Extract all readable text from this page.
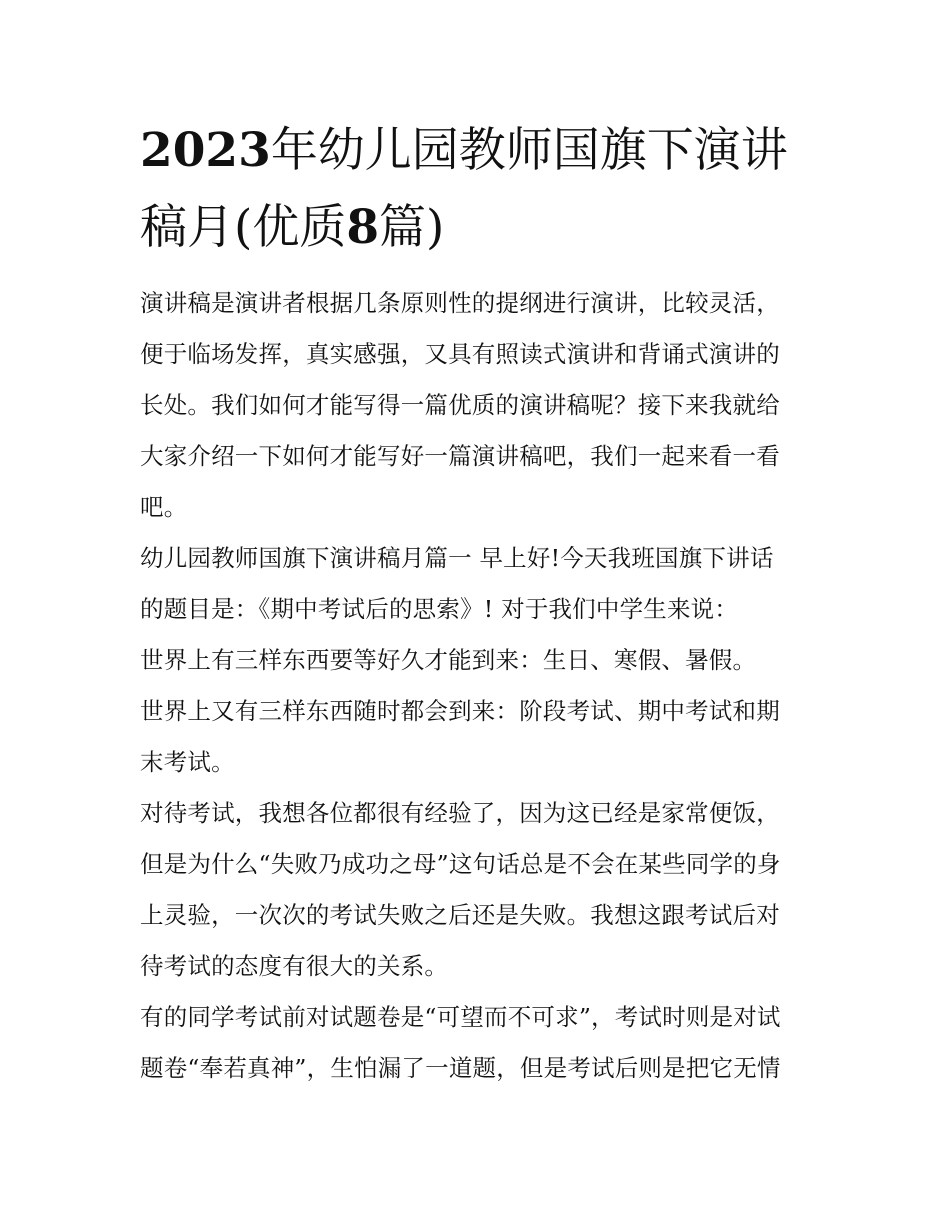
2023年幼儿园教师国旗下演讲
稿月(优质8篇)

演讲稿是演讲者根据几条原则性的提纲进行演讲，比较灵活，
便于临场发挥，真实感强，又具有照读式演讲和背诵式演讲的
长处。我们如何才能写得一篇优质的演讲稿呢？接下来我就给
大家介绍一下如何才能写好一篇演讲稿吧，我们一起来看一看
吧。

幼儿园教师国旗下演讲稿月篇一 早上好!今天我班国旗下讲话
的题目是：《期中考试后的思索》! 对于我们中学生来说：

世界上有三样东西要等好久才能到来：生日、寒假、暑假。

世界上又有三样东西随时都会到来：阶段考试、期中考试和期
末考试。

对待考试，我想各位都很有经验了，因为这已经是家常便饭，
但是为什么“失败乃成功之母”这句话总是不会在某些同学的身
上灵验，一次次的考试失败之后还是失败。我想这跟考试后对
待考试的态度有很大的关系。

有的同学考试前对试题卷是“可望而不可求”，考试时则是对试
题卷“奉若真神”，生怕漏了一道题，但是考试后则是把它无情
